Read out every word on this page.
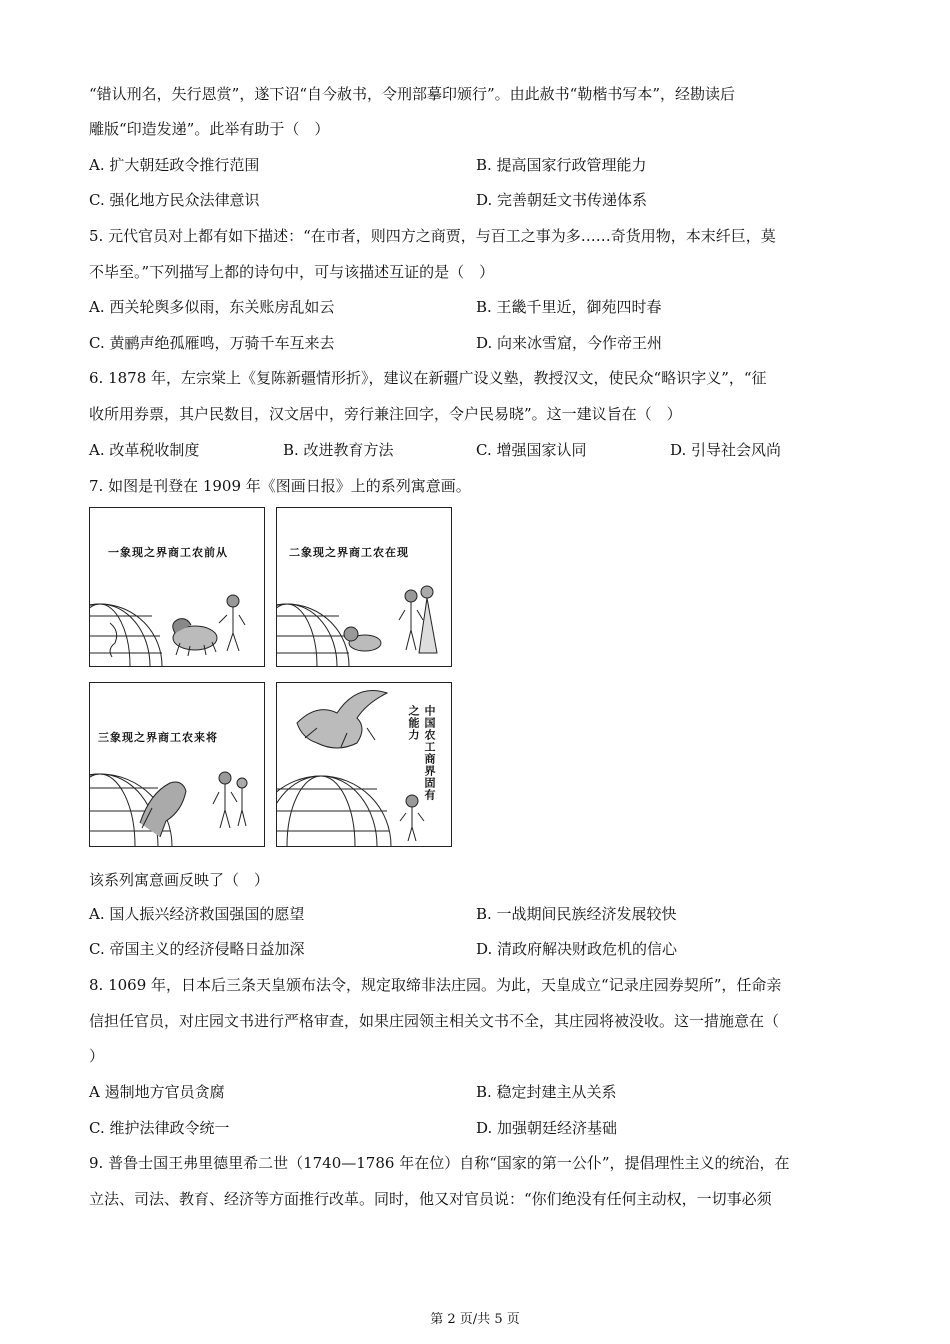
“错认刑名，失行恩赏”，遂下诏“自今赦书，令刑部摹印颁行”。由此赦书“勒楷书写本”，经勘读后
雕版“印造发递”。此举有助于（　）
A. 扩大朝廷政令推行范围	B. 提高国家行政管理能力
C. 强化地方民众法律意识	D. 完善朝廷文书传递体系
5. 元代官员对上都有如下描述：“在市者，则四方之商贾，与百工之事为多……奇货用物，本末纤巨，莫
不毕至。”下列描写上都的诗句中，可与该描述互证的是（　）
A. 西关轮舆多似雨，东关账房乱如云	B. 王畿千里近，御苑四时春
C. 黄鹂声绝孤雁鸣，万骑千车互来去	D. 向来冰雪窟，今作帝王州
6. 1878 年，左宗棠上《复陈新疆情形折》，建议在新疆广设义塾，教授汉文，使民众“略识字义”，“征
收所用券票，其户民数目，汉文居中，旁行兼注回字，令户民易晓”。这一建议旨在（　）
A. 改革税收制度	B. 改进教育方法	C. 增强国家认同	D. 引导社会风尚
7. 如图是刊登在 1909 年《图画日报》上的系列寓意画。
一象现之界商工农前从	二象现之界商工农在现
三象现之界商工农来将	中国农工商界固有之能力
该系列寓意画反映了（　）
A. 国人振兴经济救国强国的愿望	B. 一战期间民族经济发展较快
C. 帝国主义的经济侵略日益加深	D. 清政府解决财政危机的信心
8. 1069 年，日本后三条天皇颁布法令，规定取缔非法庄园。为此，天皇成立“记录庄园券契所”，任命亲
信担任官员，对庄园文书进行严格审查，如果庄园领主相关文书不全，其庄园将被没收。这一措施意在（
）
A 遏制地方官员贪腐	B. 稳定封建主从关系
C. 维护法律政令统一	D. 加强朝廷经济基础
9. 普鲁士国王弗里德里希二世（1740—1786 年在位）自称“国家的第一公仆”，提倡理性主义的统治，在
立法、司法、教育、经济等方面推行改革。同时，他又对官员说：“你们绝没有任何主动权，一切事必须
第 2 页/共 5 页
